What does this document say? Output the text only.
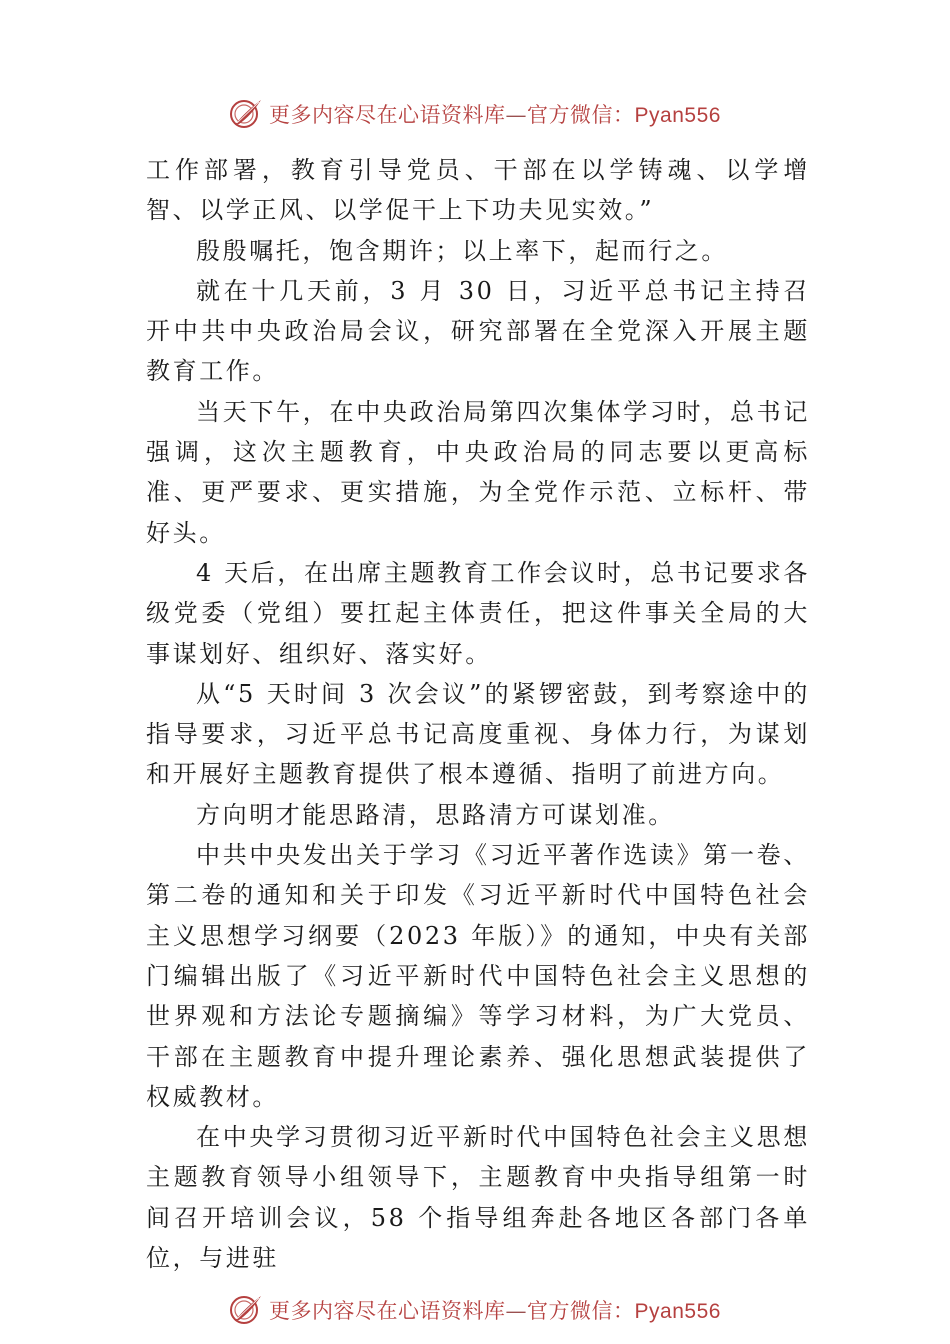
更多内容尽在心语资料库—官方微信：Pyan556

工作部署，教育引导党员、干部在以学铸魂、以学增智、以学正风、以学促干上下功夫见实效。”

殷殷嘱托，饱含期许；以上率下，起而行之。

就在十几天前，3 月 30 日，习近平总书记主持召开中共中央政治局会议，研究部署在全党深入开展主题教育工作。

当天下午，在中央政治局第四次集体学习时，总书记强调，这次主题教育，中央政治局的同志要以更高标准、更严要求、更实措施，为全党作示范、立标杆、带好头。

4 天后，在出席主题教育工作会议时，总书记要求各级党委（党组）要扛起主体责任，把这件事关全局的大事谋划好、组织好、落实好。

从“5 天时间 3 次会议”的紧锣密鼓，到考察途中的指导要求，习近平总书记高度重视、身体力行，为谋划和开展好主题教育提供了根本遵循、指明了前进方向。

方向明才能思路清，思路清方可谋划准。

中共中央发出关于学习《习近平著作选读》第一卷、第二卷的通知和关于印发《习近平新时代中国特色社会主义思想学习纲要（2023 年版）》的通知，中央有关部门编辑出版了《习近平新时代中国特色社会主义思想的世界观和方法论专题摘编》等学习材料，为广大党员、干部在主题教育中提升理论素养、强化思想武装提供了权威教材。

在中央学习贯彻习近平新时代中国特色社会主义思想主题教育领导小组领导下，主题教育中央指导组第一时间召开培训会议，58 个指导组奔赴各地区各部门各单位，与进驻

更多内容尽在心语资料库—官方微信：Pyan556
